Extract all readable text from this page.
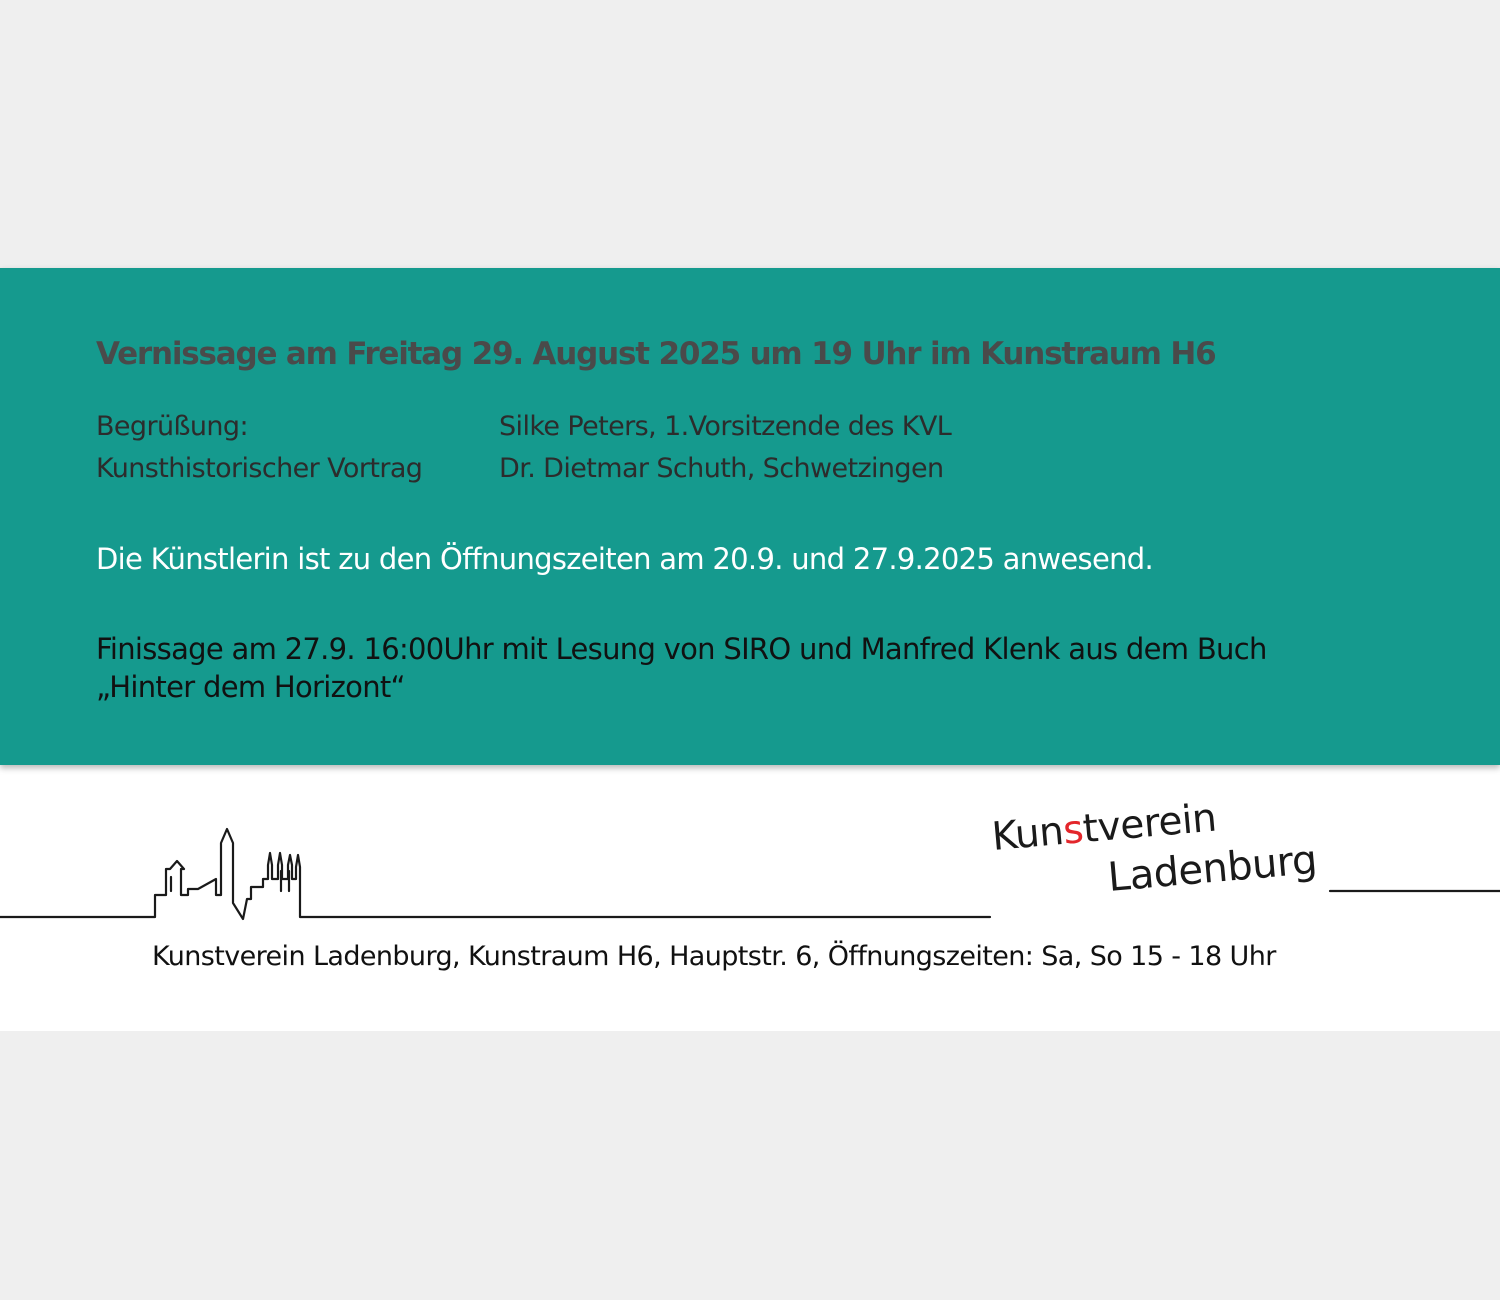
Vernissage am Freitag 29. August 2025 um 19 Uhr im Kunstraum H6
Begrüßung:	Silke Peters, 1.Vorsitzende des KVL
Kunsthistorischer Vortrag	Dr. Dietmar Schuth, Schwetzingen
Die Künstlerin ist zu den Öffnungszeiten am 20.9. und 27.9.2025 anwesend.
Finissage am 27.9. 16:00Uhr mit Lesung von SIRO und Manfred Klenk aus dem Buch
„Hinter dem Horizont“
Kunstverein
Ladenburg
Kunstverein Ladenburg, Kunstraum H6, Hauptstr. 6, Öffnungszeiten: Sa, So 15 - 18 Uhr
